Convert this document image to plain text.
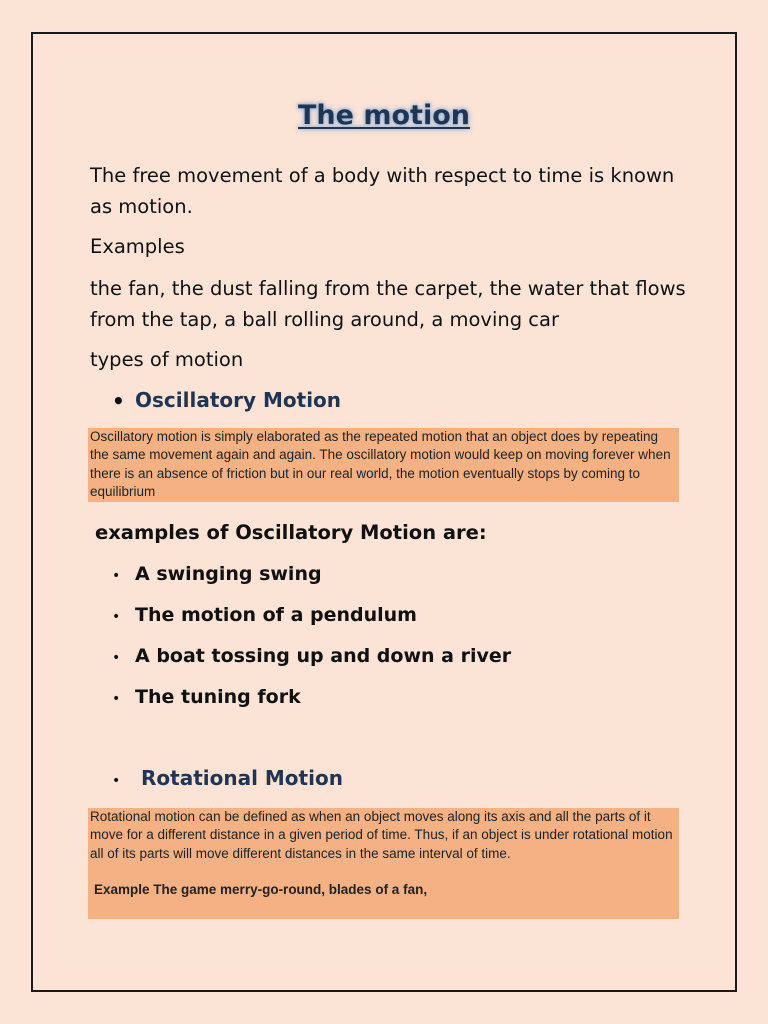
The motion

The free movement of a body with respect to time is known as motion.

Examples

the fan, the dust falling from the carpet, the water that flows from the tap, a ball rolling around, a moving car

types of motion

• Oscillatory Motion

Oscillatory motion is simply elaborated as the repeated motion that an object does by repeating the same movement again and again. The oscillatory motion would keep on moving forever when there is an absence of friction but in our real world, the motion eventually stops by coming to equilibrium

examples of Oscillatory Motion are:
• A swinging swing
• The motion of a pendulum
• A boat tossing up and down a river
• The tuning fork
• Rotational Motion

Rotational motion can be defined as when an object moves along its axis and all the parts of it move for a different distance in a given period of time. Thus, if an object is under rotational motion all of its parts will move different distances in the same interval of time.

Example The game merry-go-round, blades of a fan,
